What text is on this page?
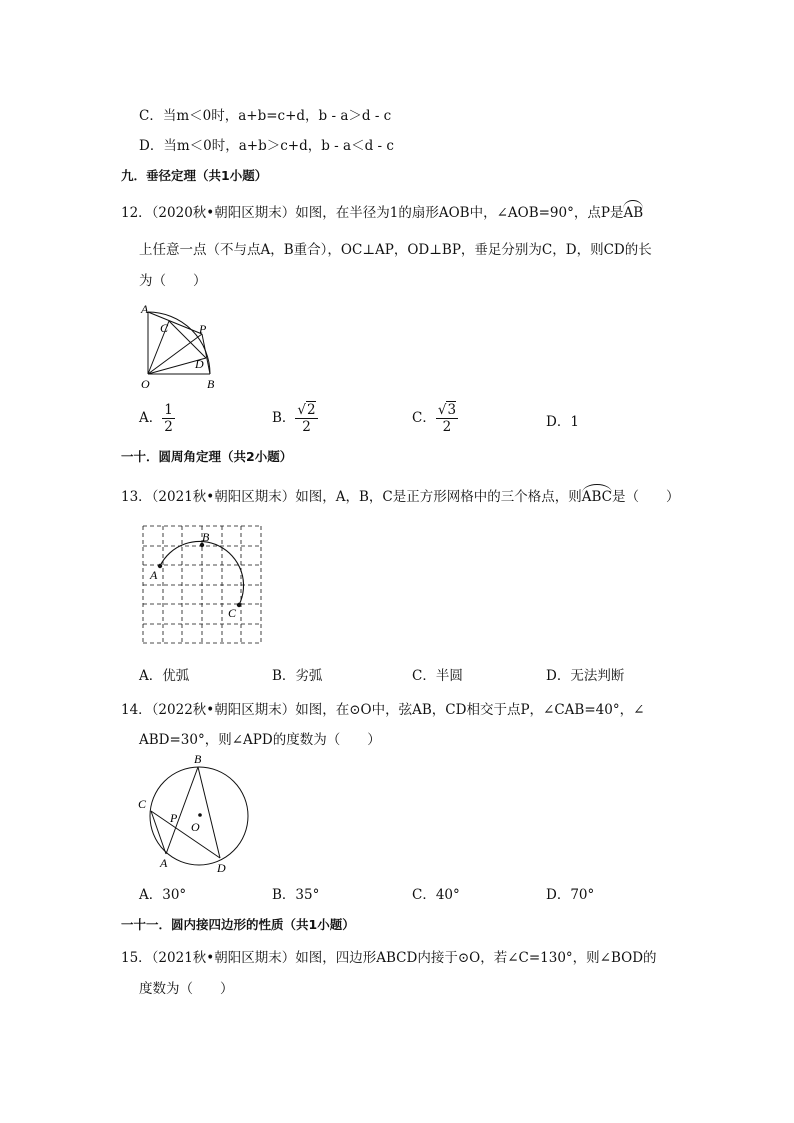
C．当m＜0时，a+b=c+d，b - a＞d - c
D．当m＜0时，a+b＞c+d，b - a＜d - c
九．垂径定理（共1小题）
12．（2020秋•朝阳区期末）如图，在半径为1的扇形AOB中，∠AOB=90°，点P是AB
上任意一点（不与点A，B重合），OC⊥AP，OD⊥BP，垂足分别为C，D，则CD的长
为（　　）
A
C	P
D
O	B
A． $\frac{1}{2}$	B． $\frac{√2}{2}$	C． $\frac{√3}{2}$	D．1
一十．圆周角定理（共2小题）
13．（2021秋•朝阳区期末）如图，A，B，C是正方形网格中的三个格点，则ABC是（　　）
A
B
C
A．优弧	B．劣弧	C．半圆	D．无法判断
14．（2022秋•朝阳区期末）如图，在⊙O中，弦AB，CD相交于点P，∠CAB=40°，∠
ABD=30°，则∠APD的度数为（　　）
B
C
P
O
A	D
A．30°	B．35°	C．40°	D．70°
一十一．圆内接四边形的性质（共1小题）
15．（2021秋•朝阳区期末）如图，四边形ABCD内接于⊙O，若∠C=130°，则∠BOD的
度数为（　　）
